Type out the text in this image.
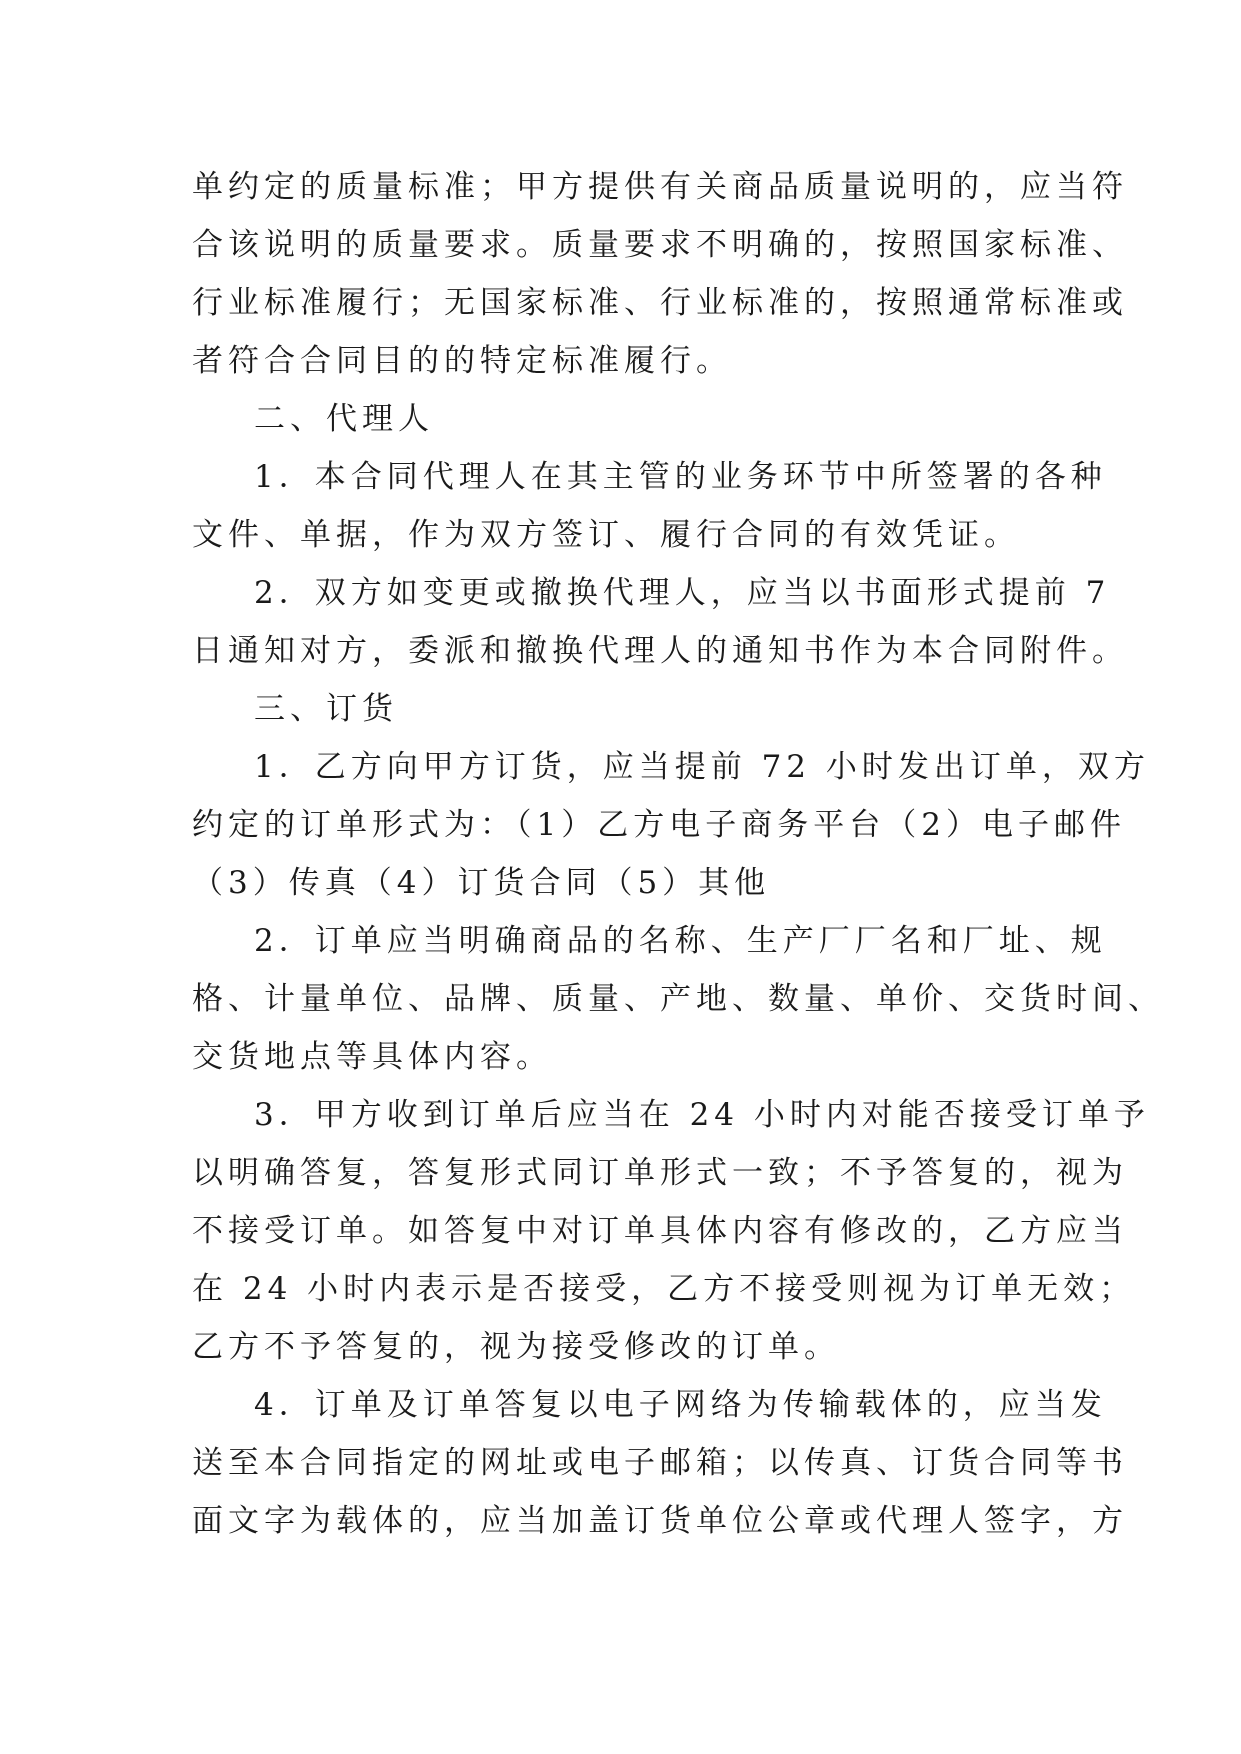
单约定的质量标准；甲方提供有关商品质量说明的，应当符
合该说明的质量要求。质量要求不明确的，按照国家标准、
行业标准履行；无国家标准、行业标准的，按照通常标准或
者符合合同目的的特定标准履行。
二、代理人
1．本合同代理人在其主管的业务环节中所签署的各种
文件、单据，作为双方签订、履行合同的有效凭证。
2．双方如变更或撤换代理人，应当以书面形式提前 7
日通知对方，委派和撤换代理人的通知书作为本合同附件。
三、订货
1．乙方向甲方订货，应当提前 72 小时发出订单，双方
约定的订单形式为：（1）乙方电子商务平台（2）电子邮件
（3）传真（4）订货合同（5）其他
2．订单应当明确商品的名称、生产厂厂名和厂址、规
格、计量单位、品牌、质量、产地、数量、单价、交货时间、
交货地点等具体内容。
3．甲方收到订单后应当在 24 小时内对能否接受订单予
以明确答复，答复形式同订单形式一致；不予答复的，视为
不接受订单。如答复中对订单具体内容有修改的，乙方应当
在 24 小时内表示是否接受，乙方不接受则视为订单无效；
乙方不予答复的，视为接受修改的订单。
4．订单及订单答复以电子网络为传输载体的，应当发
送至本合同指定的网址或电子邮箱；以传真、订货合同等书
面文字为载体的，应当加盖订货单位公章或代理人签字，方
